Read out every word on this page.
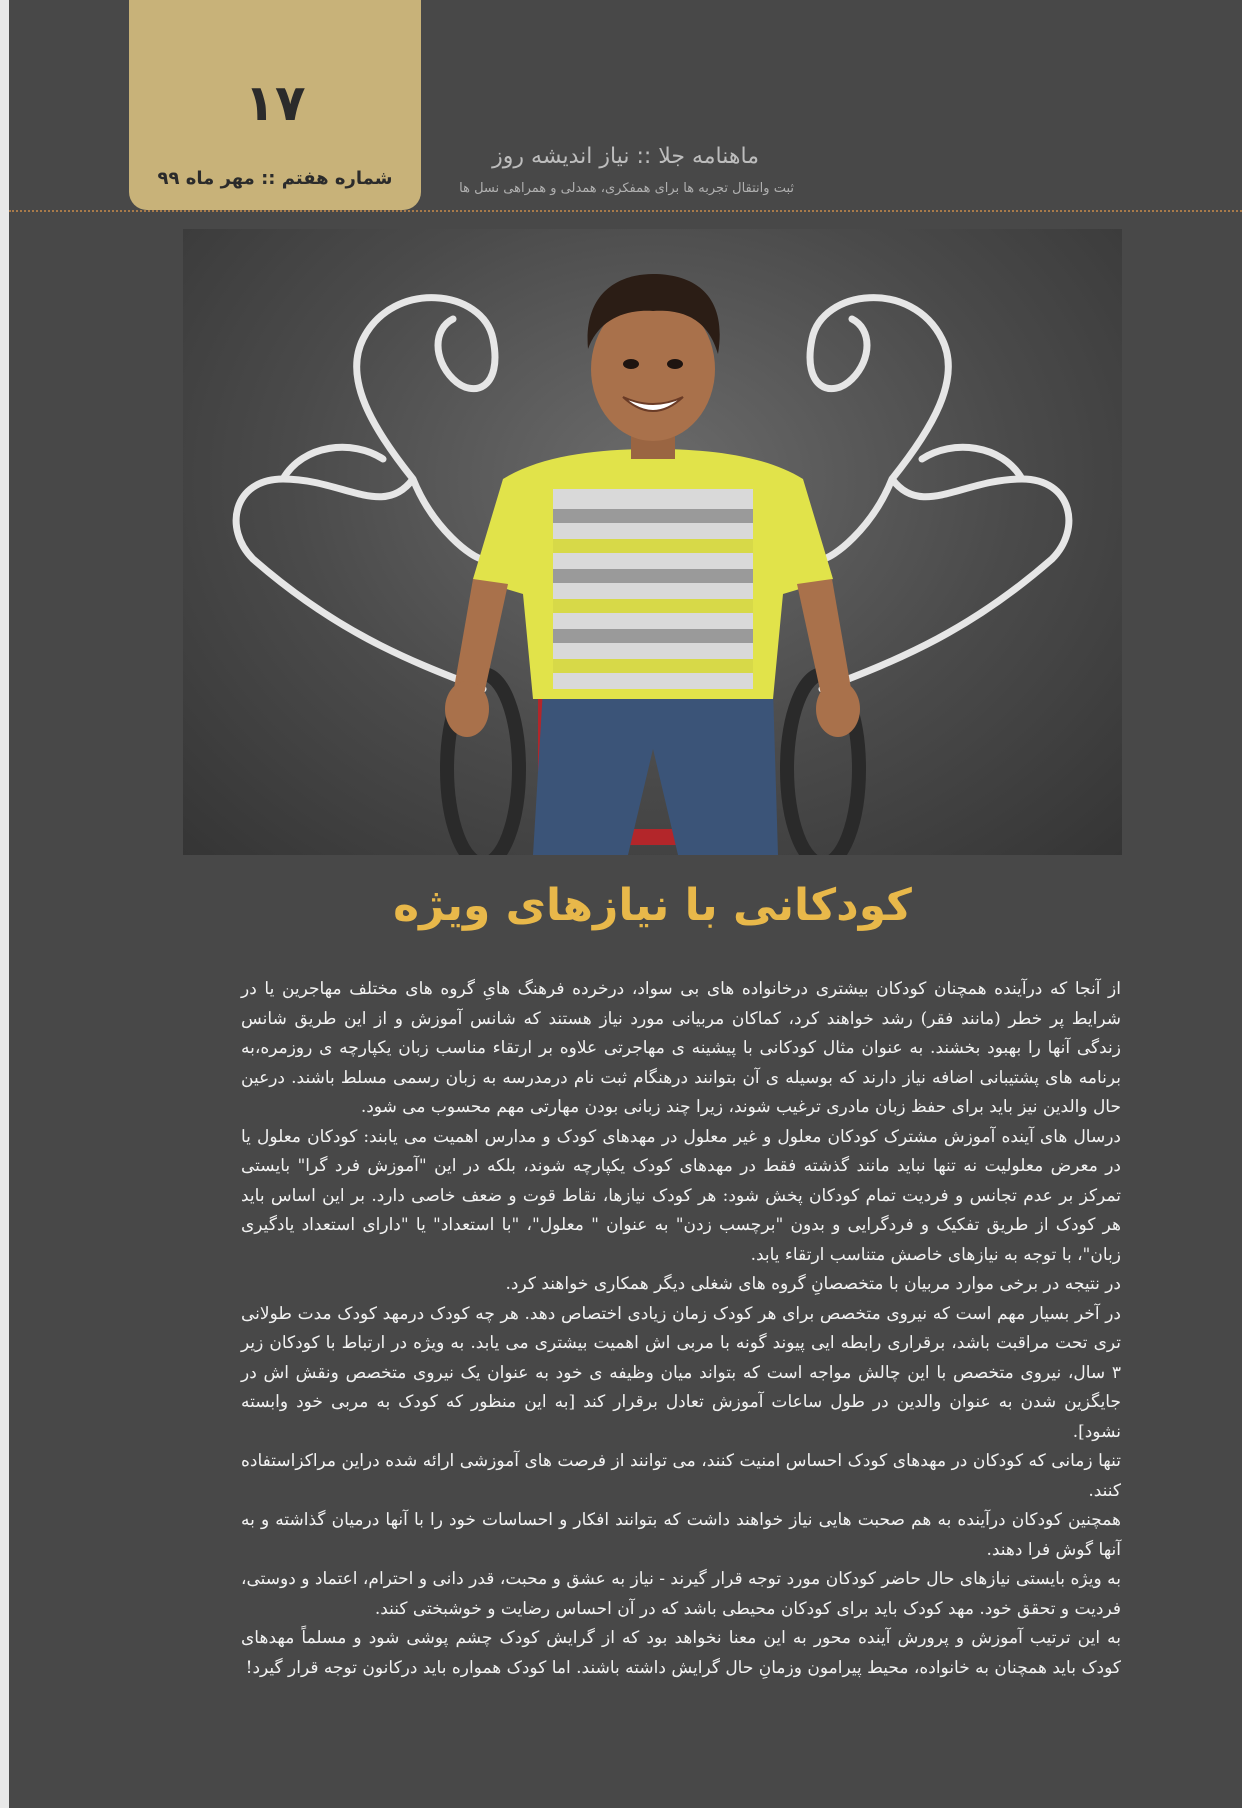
۱۷
شماره هفتم :: مهر ماه ۹۹
ماهنامه جلا :: نیاز اندیشه روز
ثبت وانتقال تجربه ها برای همفکری، همدلی و همراهی نسل ها
کودکانی با نیازهای ویژه

از آنجا که درآینده همچنان کودکان بیشتری درخانواده های بی سواد، درخرده فرهنگ هایِ گروه های مختلف مهاجرین یا در شرایط پر خطر (مانند فقر) رشد خواهند کرد، کماکان مربیانی مورد نیاز هستند که شانس آموزش و از این طریق شانس زندگی آنها را بهبود بخشند. به عنوان مثال کودکانی با پیشینه ی مهاجرتی علاوه بر ارتقاء مناسب زبان یکپارچه ی روزمره،به برنامه های پشتیبانی اضافه نیاز دارند که بوسیله ی آن بتوانند درهنگام ثبت نام درمدرسه به زبان رسمی مسلط باشند. درعین حال والدین نیز باید برای حفظ زبان مادری ترغیب شوند، زیرا چند زبانی بودن مهارتی مهم محسوب می شود.

درسال های آینده آموزش مشترک کودکان معلول و غیر معلول در مهدهای کودک و مدارس اهمیت می یابند: کودکان معلول یا در معرض معلولیت نه تنها نباید مانند گذشته فقط در مهدهای کودک یکپارچه شوند، بلکه در این "آموزش فرد گرا" بایستی تمرکز بر عدم تجانس و فردیت تمام کودکان پخش شود: هر کودک نیازها، نقاط قوت و ضعف خاصی دارد. بر این اساس باید هر کودک از طریق تفکیک و فردگرایی و بدون "برچسب زدن" به عنوان " معلول"، "با استعداد" یا "دارای استعداد یادگیری زبان"، با توجه به نیازهای خاصش متناسب ارتقاء یابد.

در نتیجه در برخی موارد مربیان با متخصصانِ گروه های شغلی دیگر همکاری خواهند کرد.

در آخر بسیار مهم است که نیروی متخصص برای هر کودک زمان زیادی اختصاص دهد. هر چه کودک درمهد کودک مدت طولانی تری تحت مراقبت باشد، برقراری رابطه ایی پیوند گونه با مربی اش اهمیت بیشتری می یابد. به ویژه در ارتباط با کودکان زیر ۳ سال، نیروی متخصص با این چالش مواجه است که بتواند میان وظیفه ی خود به عنوان یک نیروی متخصص ونقش اش در جایگزین شدن به عنوان والدین در طول ساعات آموزش تعادل برقرار کند [به این منظور که کودک به مربی خود وابسته نشود].

تنها زمانی که کودکان در مهدهای کودک احساس امنیت کنند، می توانند از فرصت های آموزشی ارائه شده دراین مراکزاستفاده کنند.

همچنین کودکان درآینده به هم صحبت هایی نیاز خواهند داشت که بتوانند افکار و احساسات خود را با آنها درمیان گذاشته و به آنها گوش فرا دهند.

به ویژه بایستی نیازهای حال حاضر کودکان مورد توجه قرار گیرند - نیاز به عشق و محبت، قدر دانی و احترام، اعتماد و دوستی، فردیت و تحقق خود. مهد کودک باید برای کودکان محیطی باشد که در آن احساس رضایت و خوشبختی کنند.

به این ترتیب آموزش و پرورش آینده محور به این معنا نخواهد بود که از گرایش کودک چشم پوشی شود و مسلماً مهدهای کودک باید همچنان به خانواده، محیط پیرامون وزمانِ حال گرایش داشته باشند. اما کودک همواره باید درکانون توجه قرار گیرد!
